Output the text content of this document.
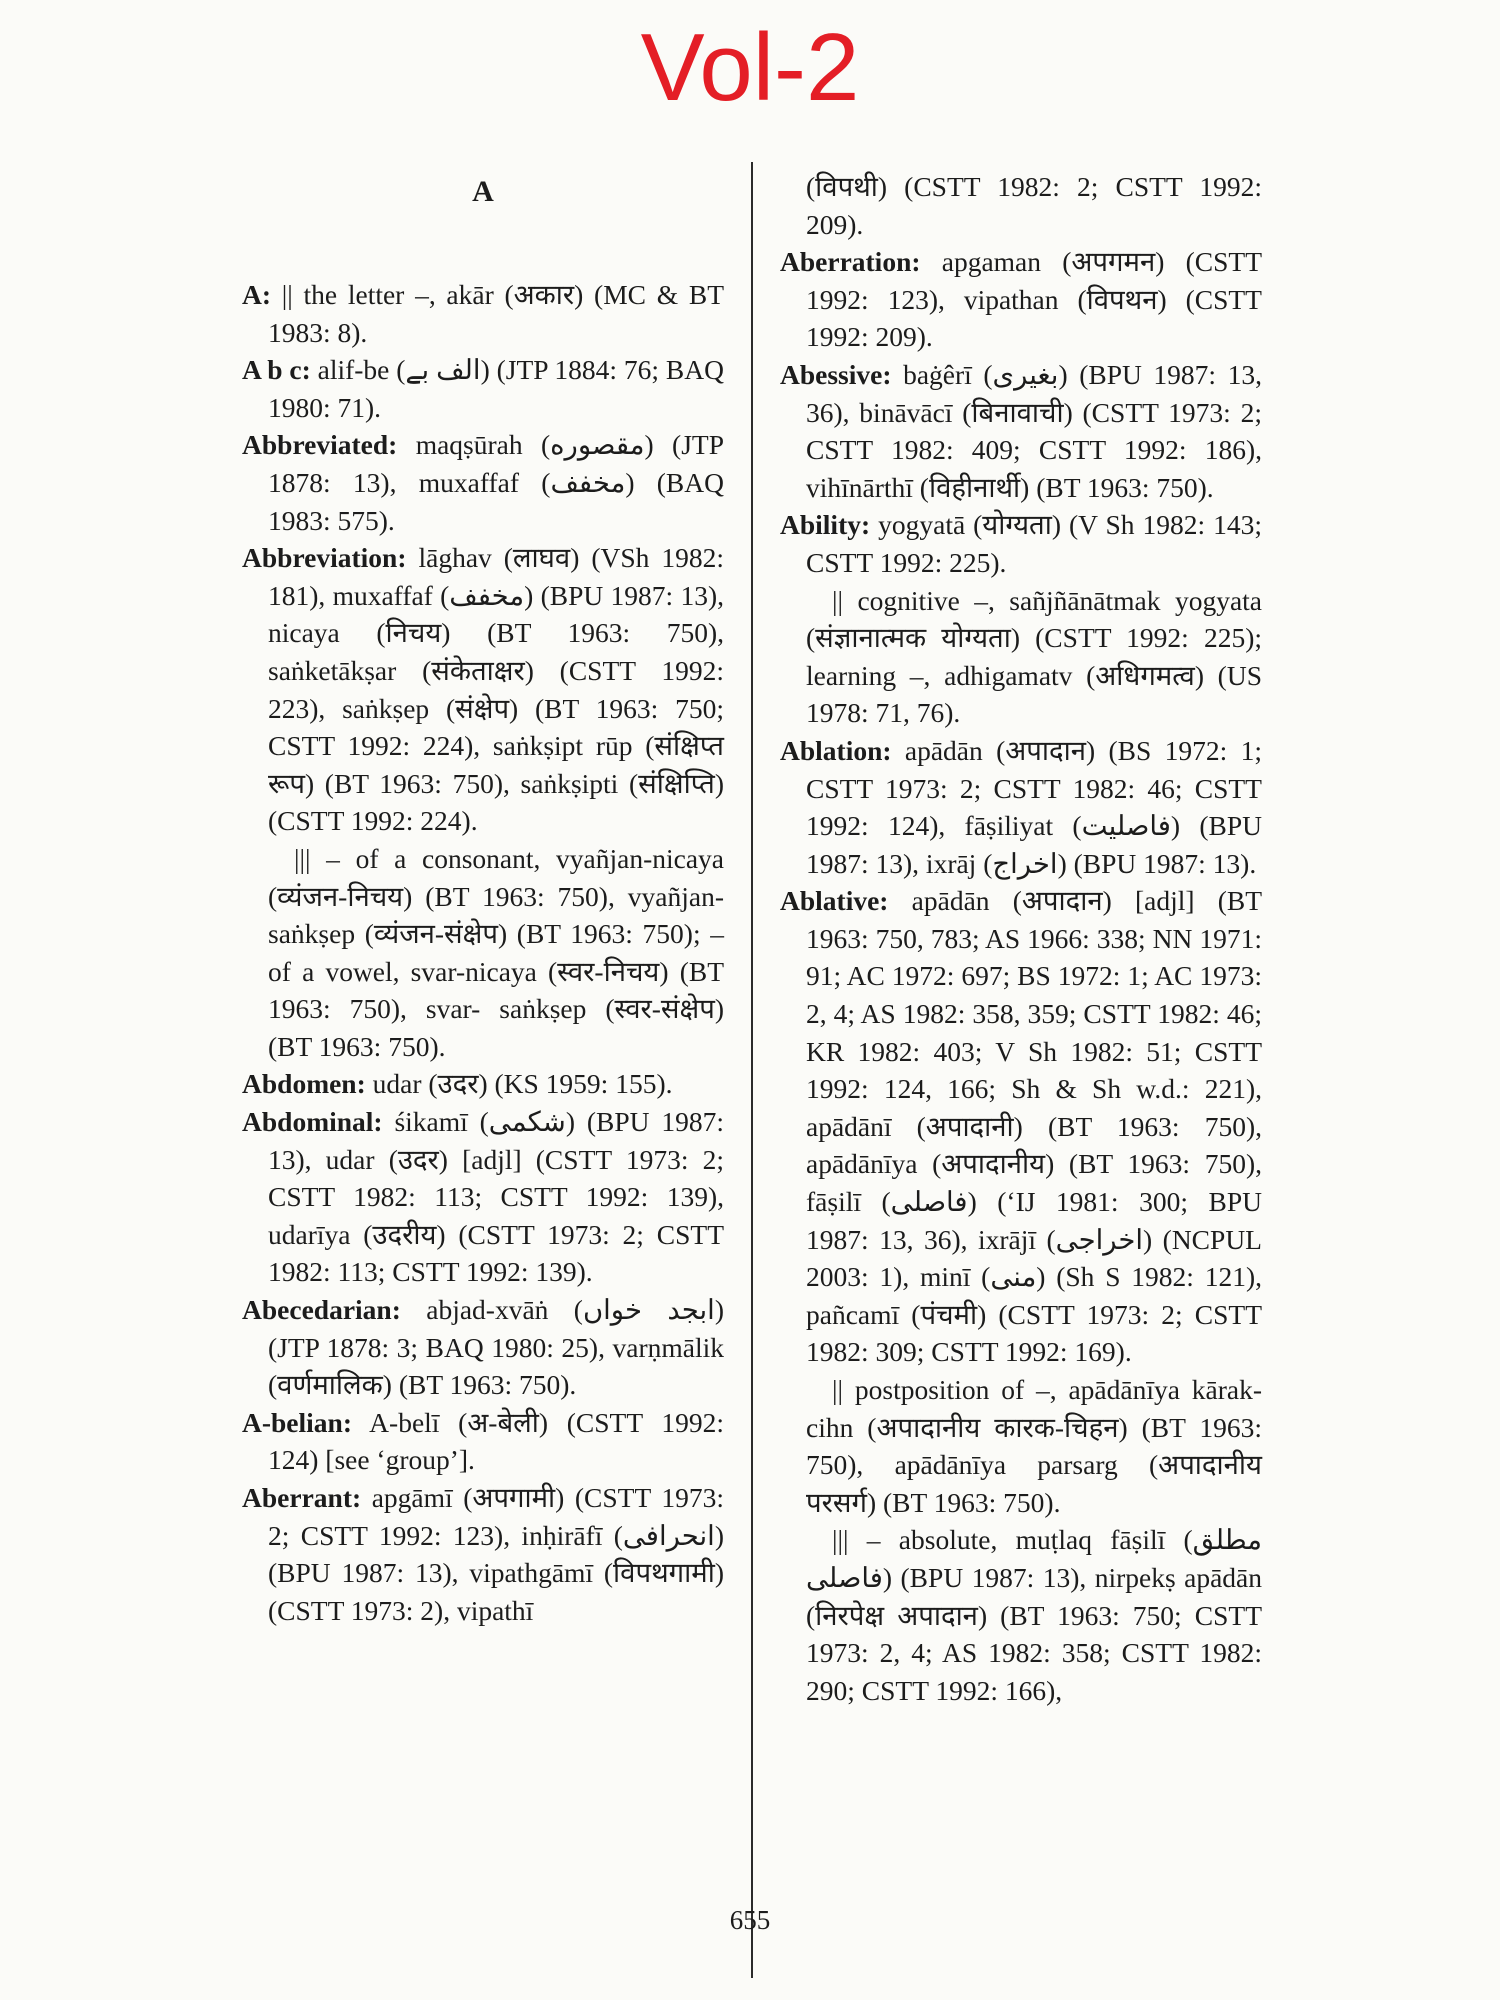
Vol-2
A

A: || the letter –, akār (अकार) (MC & BT 1983: 8).

A b c: alif-be (الف بے) (JTP 1884: 76; BAQ 1980: 71).

Abbreviated: maqṣūrah (مقصوره) (JTP 1878: 13), muxaffaf (مخفف) (BAQ 1983: 575).

Abbreviation: lāghav (लाघव) (VSh 1982: 181), muxaffaf (مخفف) (BPU 1987: 13), nicaya (निचय) (BT 1963: 750), saṅketākṣar (संकेताक्षर) (CSTT 1992: 223), saṅkṣep (संक्षेप) (BT 1963: 750; CSTT 1992: 224), saṅkṣipt rūp (संक्षिप्त रूप) (BT 1963: 750), saṅkṣipti (संक्षिप्ति) (CSTT 1992: 224).

||| – of a consonant, vyañjan-nicaya (व्यंजन-निचय) (BT 1963: 750), vyañjan-saṅkṣep (व्यंजन-संक्षेप) (BT 1963: 750); – of a vowel, svar-nicaya (स्वर-निचय) (BT 1963: 750), svar- saṅkṣep (स्वर-संक्षेप) (BT 1963: 750).

Abdomen: udar (उदर) (KS 1959: 155).

Abdominal: śikamī (شکمی) (BPU 1987: 13), udar (उदर) [adjl] (CSTT 1973: 2; CSTT 1982: 113; CSTT 1992: 139), udarīya (उदरीय) (CSTT 1973: 2; CSTT 1982: 113; CSTT 1992: 139).

Abecedarian: abjad-xvāṅ (ابجد خواں) (JTP 1878: 3; BAQ 1980: 25), varṇmālik (वर्णमालिक) (BT 1963: 750).

A-belian: A-belī (अ-बेली) (CSTT 1992: 124) [see ‘group’].

Aberrant: apgāmī (अपगामी) (CSTT 1973: 2; CSTT 1992: 123), inḥirāfī (انحرافی) (BPU 1987: 13), vipathgāmī (विपथगामी) (CSTT 1973: 2), vipathī

(विपथी) (CSTT 1982: 2; CSTT 1992: 209).

Aberration: apgaman (अपगमन) (CSTT 1992: 123), vipathan (विपथन) (CSTT 1992: 209).

Abessive: baġêrī (بغیری) (BPU 1987: 13, 36), bināvācī (बिनावाची) (CSTT 1973: 2; CSTT 1982: 409; CSTT 1992: 186), vihīnārthī (विहीनार्थी) (BT 1963: 750).

Ability: yogyatā (योग्यता) (V Sh 1982: 143; CSTT 1992: 225).

|| cognitive –, sañjñānātmak yogyata (संज्ञानात्मक योग्यता) (CSTT 1992: 225); learning –, adhigamatv (अधिगमत्व) (US 1978: 71, 76).

Ablation: apādān (अपादान) (BS 1972: 1; CSTT 1973: 2; CSTT 1982: 46; CSTT 1992: 124), fāṣiliyat (فاصلیت) (BPU 1987: 13), ixrāj (اخراج) (BPU 1987: 13).

Ablative: apādān (अपादान) [adjl] (BT 1963: 750, 783; AS 1966: 338; NN 1971: 91; AC 1972: 697; BS 1972: 1; AC 1973: 2, 4; AS 1982: 358, 359; CSTT 1982: 46; KR 1982: 403; V Sh 1982: 51; CSTT 1992: 124, 166; Sh & Sh w.d.: 221), apādānī (अपादानी) (BT 1963: 750), apādānīya (अपादानीय) (BT 1963: 750), fāṣilī (فاصلی) (‘IJ 1981: 300; BPU 1987: 13, 36), ixrājī (اخراجی) (NCPUL 2003: 1), minī (منی) (Sh S 1982: 121), pañcamī (पंचमी) (CSTT 1973: 2; CSTT 1982: 309; CSTT 1992: 169).

|| postposition of –, apādānīya kārak-cihn (अपादानीय कारक-चिहन) (BT 1963: 750), apādānīya parsarg (अपादानीय परसर्ग) (BT 1963: 750).

||| – absolute, muṭlaq fāṣilī (مطلق فاصلی) (BPU 1987: 13), nirpekṣ apādān (निरपेक्ष अपादान) (BT 1963: 750; CSTT 1973: 2, 4; AS 1982: 358; CSTT 1982: 290; CSTT 1992: 166),

655
